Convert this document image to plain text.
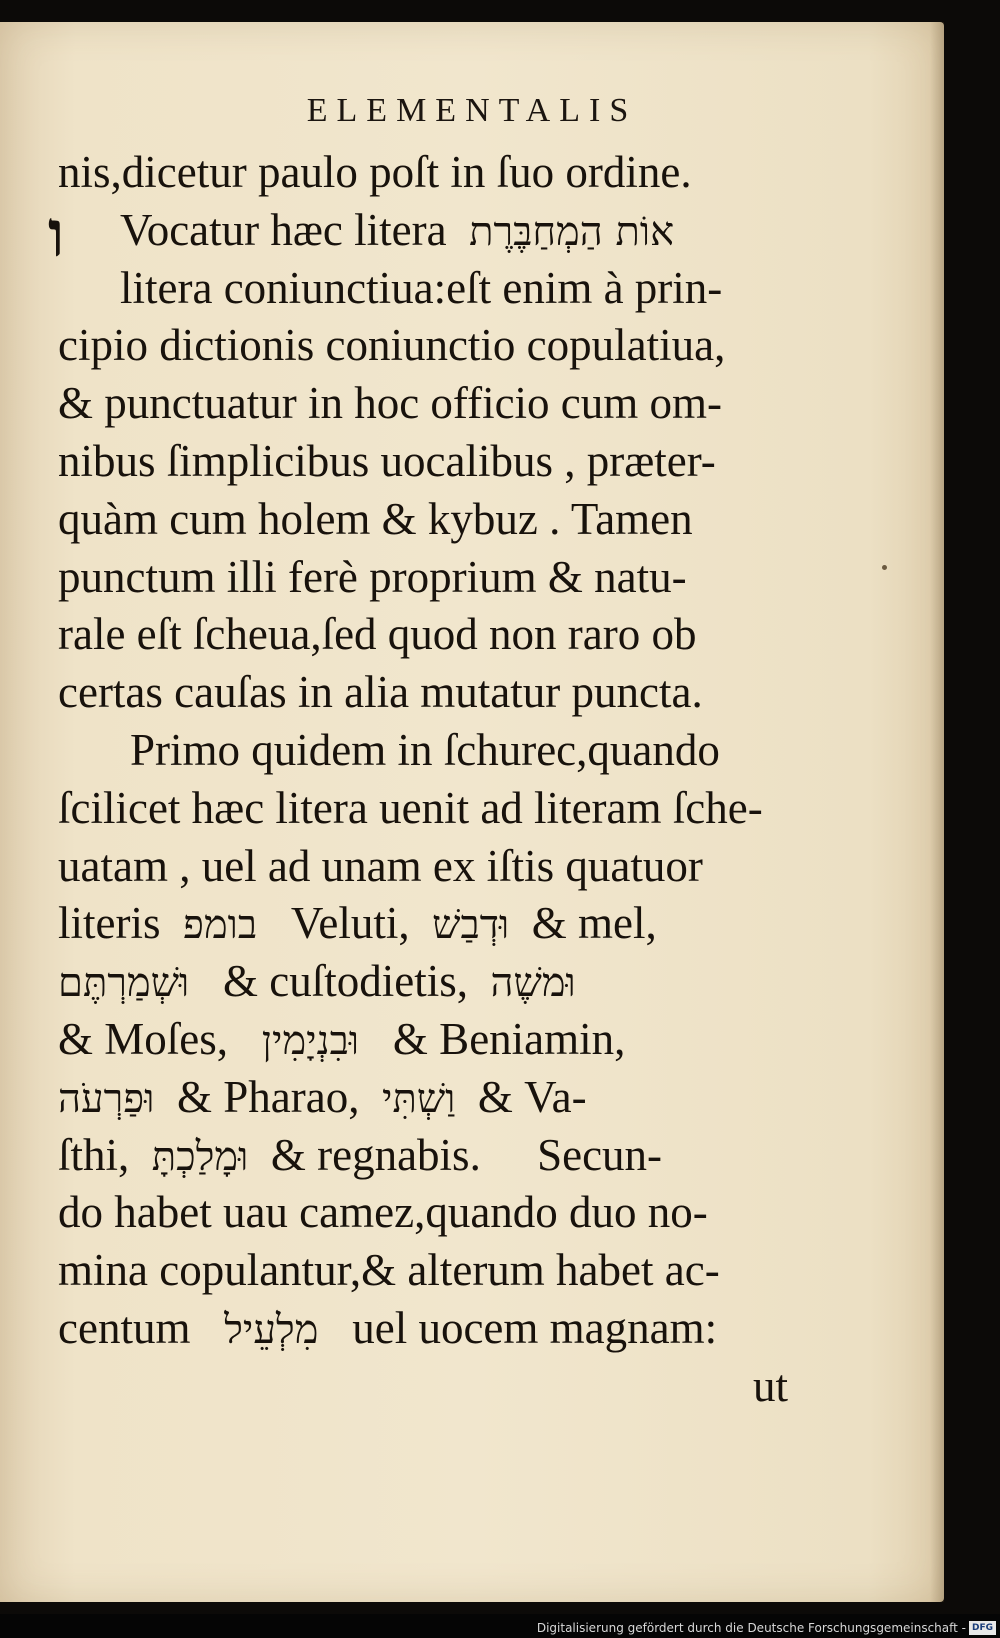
ELEMENTALIS
ו
nis,dicetur paulo poſt in ſuo ordine.
Vocatur hæc litera אוֹת הַמְחַבֶּרֶת
litera coniunctiua:eſt enim à prin-
cipio dictionis coniunctio copulatiua,
& punctuatur in hoc officio cum om-
nibus ſimplicibus uocalibus , præter-
quàm cum holem & kybuz . Tamen
punctum illi ferè proprium & natu-
rale eſt ſcheua,ſed quod non raro ob
certas cauſas in alia mutatur puncta.
Primo quidem in ſchurec,quando
ſcilicet hæc litera uenit ad literam ſche-
uatam , uel ad unam ex iſtis quatuor
literis בומפ Veluti, וּדְבַשׁ & mel,
וּשְׁמַרְתֶּם & cuſtodietis, וּמשֶׁה
& Moſes, וּבִנְיָמִין & Beniamin,
וּפַרְעֹה & Pharao, וַשְׁתִּי & Va-
ſthi, וּמָלַכְתָּ & regnabis. Secun-
do habet uau camez,quando duo no-
mina copulantur,& alterum habet ac-
centum מִלְעֵיל uel uocem magnam:
ut
Digitalisierung gefördert durch die Deutsche Forschungsgemeinschaft - DFG
